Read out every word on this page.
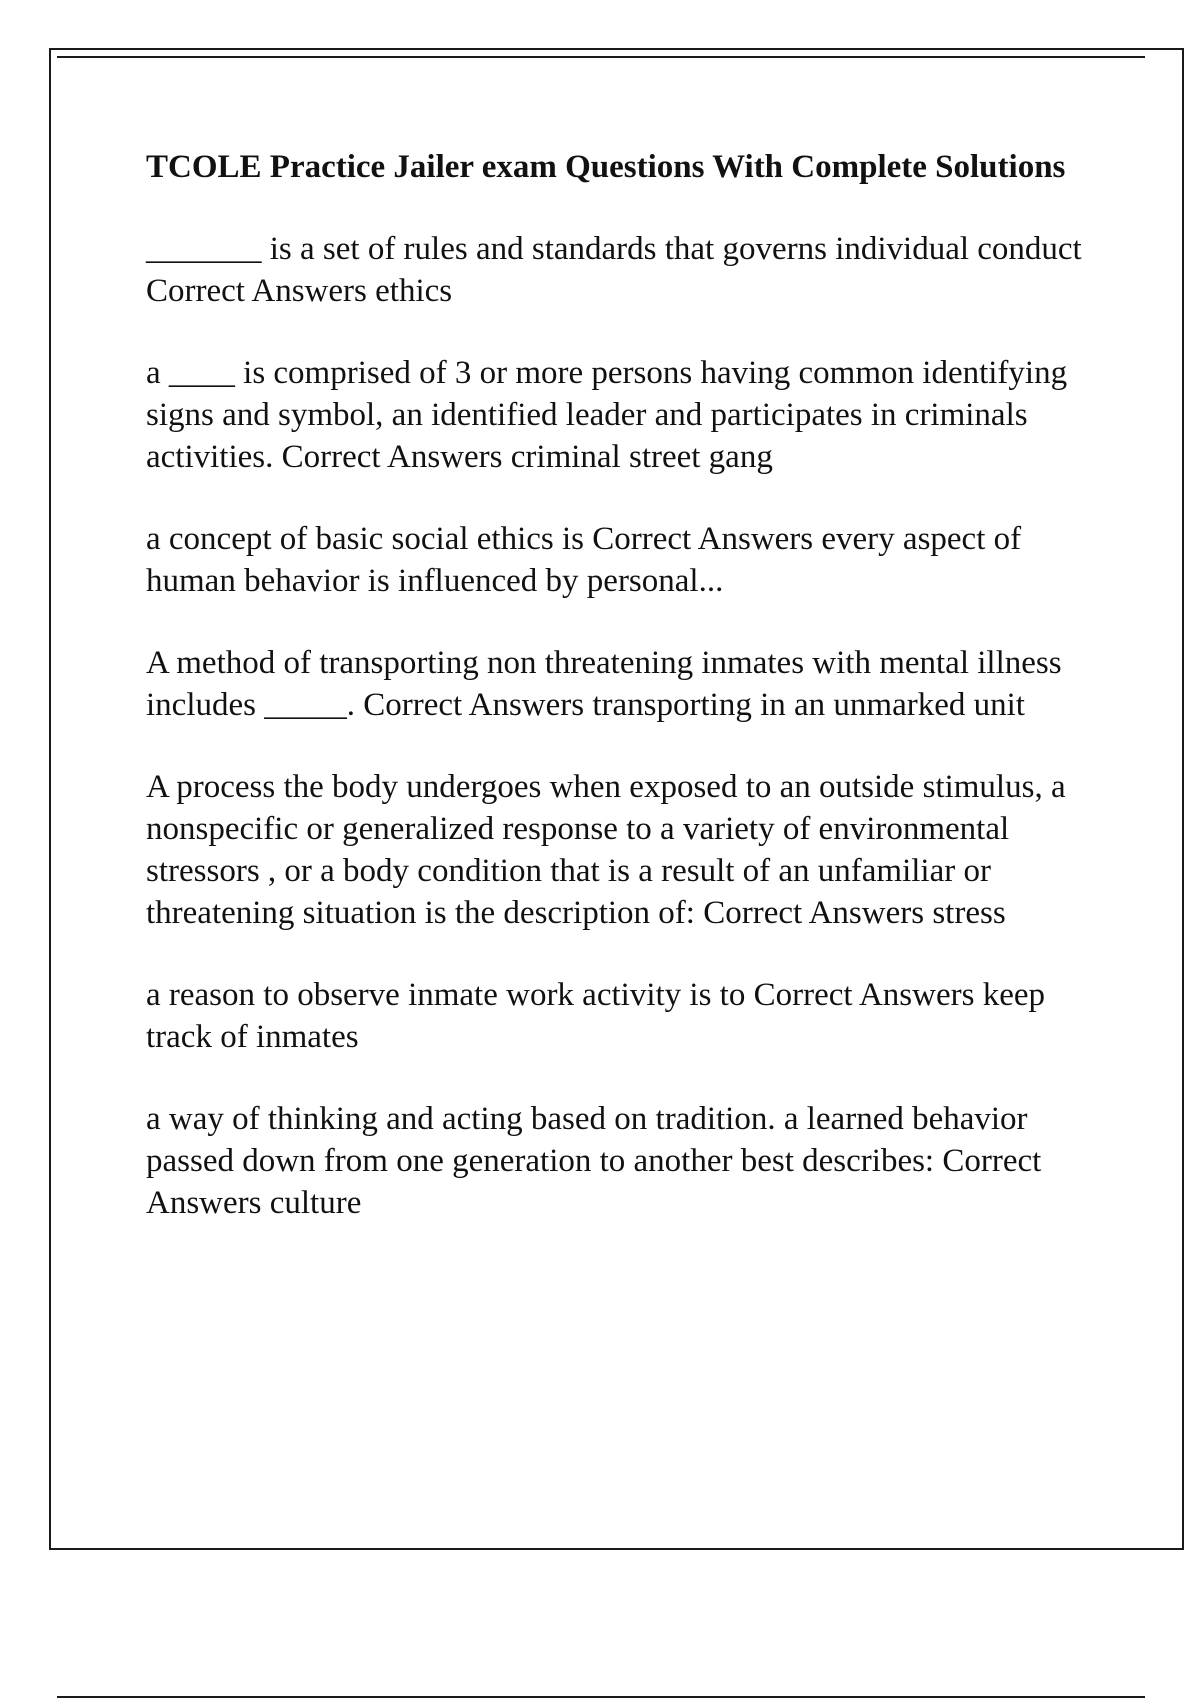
TCOLE Practice Jailer exam Questions With Complete Solutions

_______ is a set of rules and standards that governs individual conduct Correct Answers ethics

a ____ is comprised of 3 or more persons having common identifying signs and symbol, an identified leader and participates in criminals activities. Correct Answers criminal street gang

a concept of basic social ethics is Correct Answers every aspect of human behavior is influenced by personal...

A method of transporting non threatening inmates with mental illness includes _____. Correct Answers transporting in an unmarked unit

A process the body undergoes when exposed to an outside stimulus, a nonspecific or generalized response to a variety of environmental stressors , or a body condition that is a result of an unfamiliar or threatening situation is the description of: Correct Answers stress

a reason to observe inmate work activity is to Correct Answers keep track of inmates

a way of thinking and acting based on tradition. a learned behavior passed down from one generation to another best describes: Correct Answers culture
